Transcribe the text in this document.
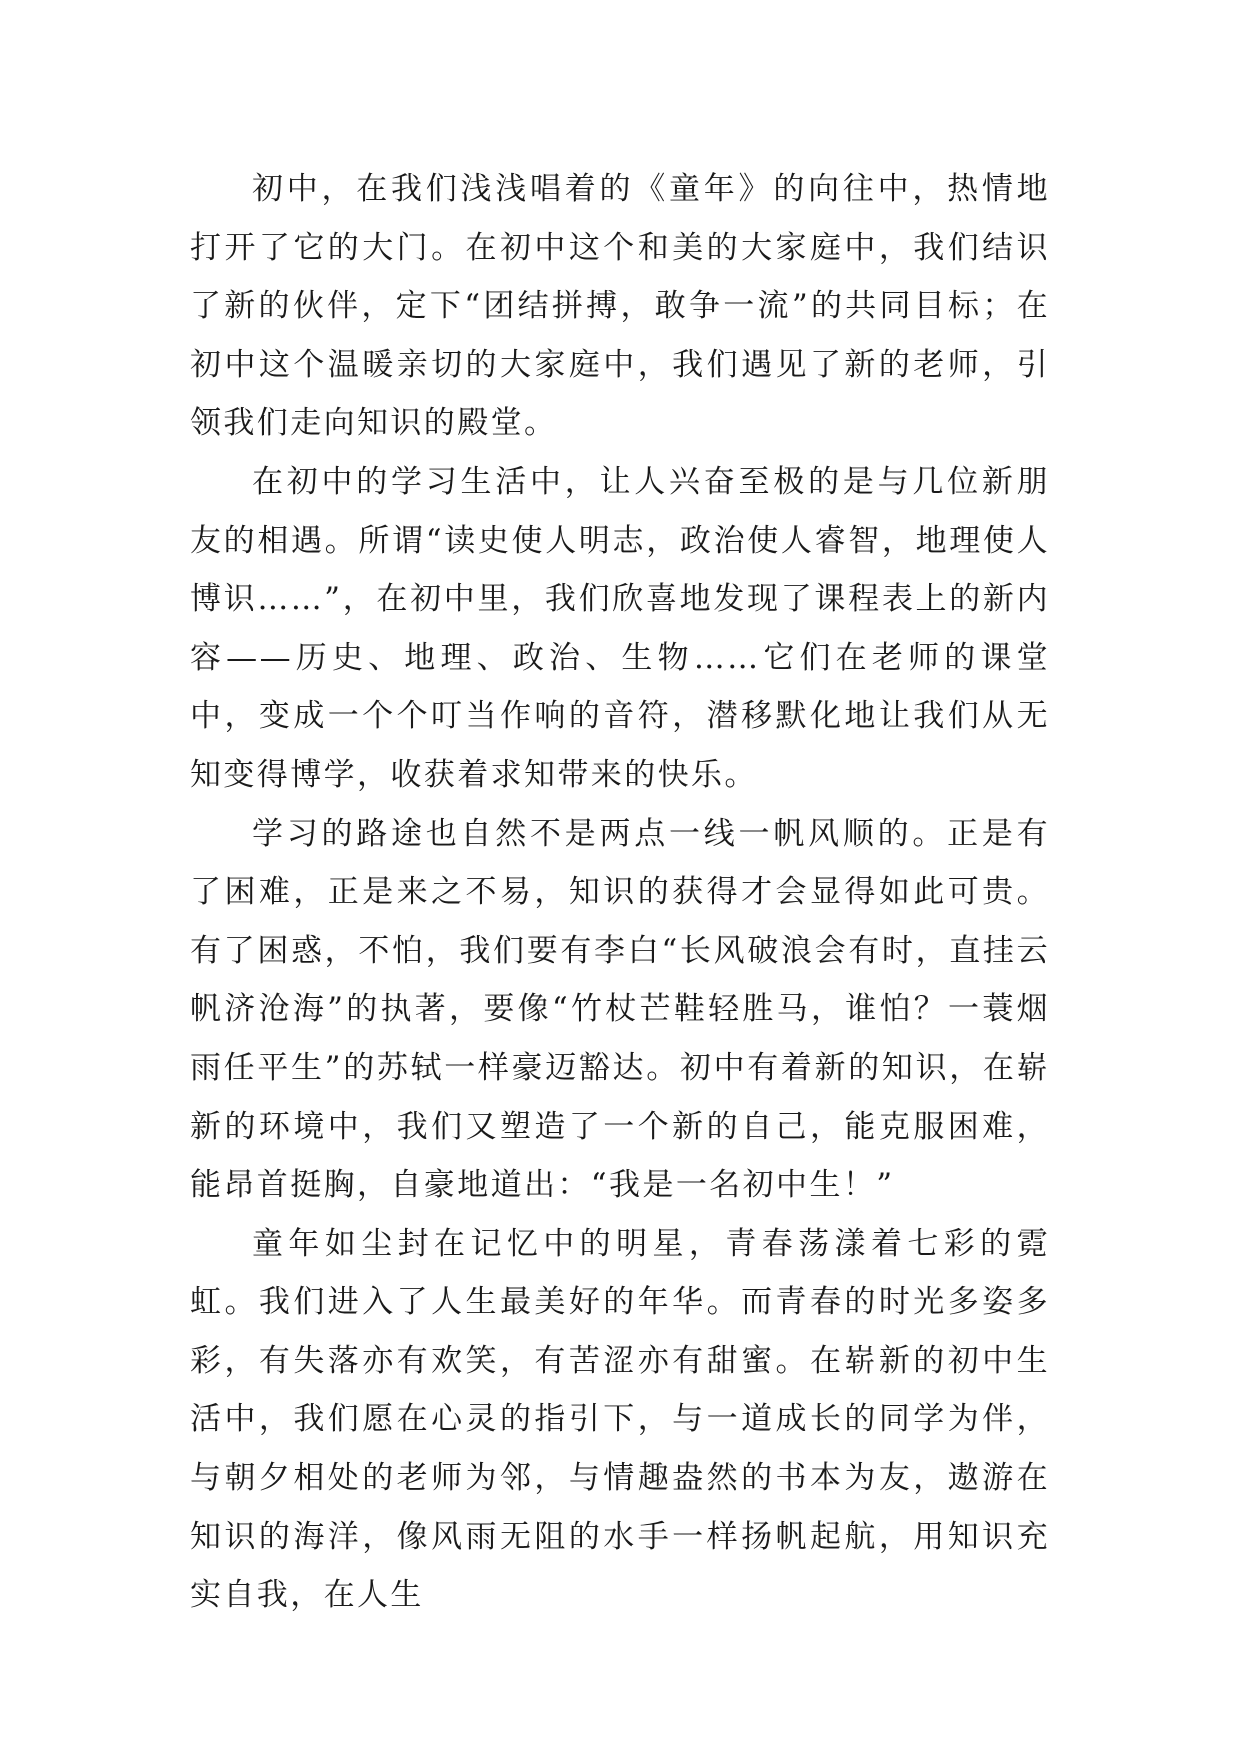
初中，在我们浅浅唱着的《童年》的向往中，热情地打开了它的大门。在初中这个和美的大家庭中，我们结识了新的伙伴，定下“团结拼搏，敢争一流”的共同目标；在初中这个温暖亲切的大家庭中，我们遇见了新的老师，引领我们走向知识的殿堂。

在初中的学习生活中，让人兴奋至极的是与几位新朋友的相遇。所谓“读史使人明志，政治使人睿智，地理使人博识……”，在初中里，我们欣喜地发现了课程表上的新内容——历史、地理、政治、生物……它们在老师的课堂中，变成一个个叮当作响的音符，潜移默化地让我们从无知变得博学，收获着求知带来的快乐。

学习的路途也自然不是两点一线一帆风顺的。正是有了困难，正是来之不易，知识的获得才会显得如此可贵。有了困惑，不怕，我们要有李白“长风破浪会有时，直挂云帆济沧海”的执著，要像“竹杖芒鞋轻胜马，谁怕？一蓑烟雨任平生”的苏轼一样豪迈豁达。初中有着新的知识，在崭新的环境中，我们又塑造了一个新的自己，能克服困难，能昂首挺胸，自豪地道出：“我是一名初中生！”

童年如尘封在记忆中的明星，青春荡漾着七彩的霓虹。我们进入了人生最美好的年华。而青春的时光多姿多彩，有失落亦有欢笑，有苦涩亦有甜蜜。在崭新的初中生活中，我们愿在心灵的指引下，与一道成长的同学为伴，与朝夕相处的老师为邻，与情趣盎然的书本为友，遨游在知识的海洋，像风雨无阻的水手一样扬帆起航，用知识充实自我，在人生
